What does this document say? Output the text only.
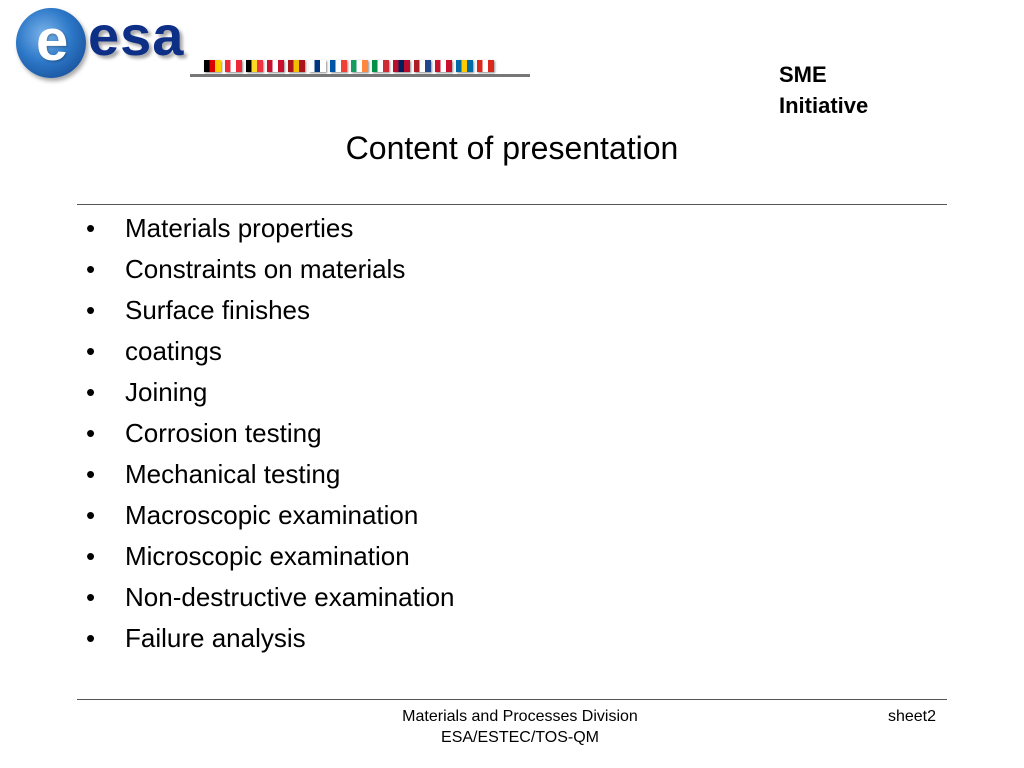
e esa
SME
Initiative
Content of presentation
• Materials properties
• Constraints on materials
• Surface finishes
• coatings
• Joining
• Corrosion testing
• Mechanical testing
• Macroscopic examination
• Microscopic examination
• Non-destructive examination
• Failure analysis
Materials and Processes Division
ESA/ESTEC/TOS-QM
sheet2
